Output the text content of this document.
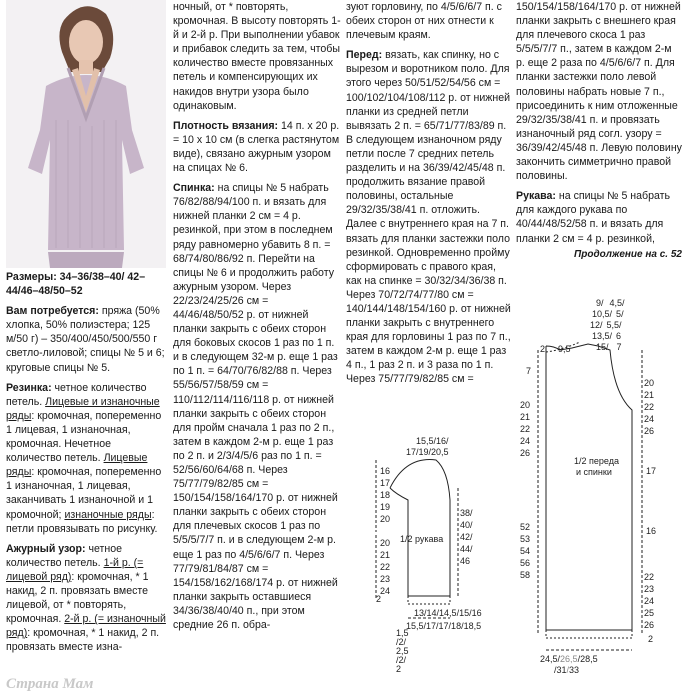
Размеры: 34–36/38–40/ 42–44/46–48/50–52

Вам потребуется: пряжа (50% хлопка, 50% полиэстера; 125 м/50 г) – 350/400/450/500/550 г светло-лиловой; спицы № 5 и 6; круговые спицы № 5.

Резинка: четное количество петель. Лицевые и изнаночные ряды: кромочная, попеременно 1 лицевая, 1 изнаночная, кромочная. Нечетное количество петель. Лицевые ряды: кромочная, попеременно 1 изнаночная, 1 лицевая, заканчивать 1 изнаночной и 1 кромочной; изнаночные ряды: петли провязывать по рисунку.

Ажурный узор: четное количество петель. 1-й р. (= лицевой ряд): кромочная, * 1 накид, 2 п. провязать вместе лицевой, от * повторять, кромочная. 2-й р. (= изнаночный ряд): кромочная, * 1 накид, 2 п. провязать вместе изна-

ночный, от * повторять, кромочная. В высоту повторять 1-й и 2-й р. При выполнении убавок и прибавок следить за тем, чтобы количество вместе провязанных петель и компенсирующих их накидов внутри узора было одинаковым.

Плотность вязания: 14 п. x 20 р. = 10 x 10 см (в слегка растянутом виде), связано ажурным узором на спицах № 6.

Спинка: на спицы № 5 набрать 76/82/88/94/100 п. и вязать для нижней планки 2 см = 4 р. резинкой, при этом в последнем ряду равномерно убавить 8 п. = 68/74/80/86/92 п. Перейти на спицы № 6 и продолжить работу ажурным узором. Через 22/23/24/25/26 см = 44/46/48/50/52 р. от нижней планки закрыть с обеих сторон для боковых скосов 1 раз по 1 п. и в следующем 32-м р. еще 1 раз по 1 п. = 64/70/76/82/88 п. Через 55/56/57/58/59 см = 110/112/114/116/118 р. от нижней планки закрыть с обеих сторон для пройм сначала 1 раз по 2 п., затем в каждом 2-м р. еще 1 раз по 2 п. и 2/3/4/5/6 раз по 1 п. = 52/56/60/64/68 п. Через 75/77/79/82/85 см = 150/154/158/164/170 р. от нижней планки закрыть с обеих сторон для плечевых скосов 1 раз по 5/5/5/7/7 п. и в следующем 2-м р. еще 1 раз по 4/5/6/6/7 п. Через 77/79/81/84/87 см = 154/158/162/168/174 р. от нижней планки закрыть оставшиеся 34/36/38/40/40 п., при этом средние 26 п. обра-

зуют горловину, по 4/5/6/6/7 п. с обеих сторон от них отнести к плечевым краям.

Перед: вязать, как спинку, но с вырезом и воротником поло. Для этого через 50/51/52/54/56 см = 100/102/104/108/112 р. от нижней планки из средней петли вывязать 2 п. = 65/71/77/83/89 п. В следующем изнаночном ряду петли после 7 средних петель разделить и на 36/39/42/45/48 п. продолжить вязание правой половины, остальные 29/32/35/38/41 п. отложить. Далее с внутреннего края на 7 п. вязать для планки застежки поло резинкой. Одновременно пройму сформировать с правого края, как на спинке = 30/32/34/36/38 п. Через 70/72/74/77/80 см = 140/144/148/154/160 р. от нижней планки закрыть с внутреннего края для горловины 1 раз по 7 п., затем в каждом 2-м р. еще 1 раз 4 п., 1 раз 2 п. и 3 раза по 1 п. Через 75/77/79/82/85 см =

150/154/158/164/170 р. от нижней планки закрыть с внешнего края для плечевого скоса 1 раз 5/5/5/7/7 п., затем в каждом 2-м р. еще 2 раза по 4/5/6/6/7 п. Для планки застежки поло левой половины набрать новые 7 п., присоединить к ним отложенные 29/32/35/38/41 п. и провязать изнаночный ряд согл. узору = 36/39/42/45/48 п. Левую половину закончить симметрично правой половины.

Рукава: на спицы № 5 набрать для каждого рукава по 40/44/48/52/58 п. и вязать для планки 2 см = 4 р. резинкой,

Продолжение на с. 52
15,5/16/
17/19/20,5
16
17
18
19
20
20
21
22
23
24
1/2 рукава
38/
40/
42/
44/
46
2
13/14/14,5/15/16
15,5/17/17/18/18,5
1,5
/2/
2,5
/2/
2
9/ 4,5/
10,5/ 5/
12/ 5,5/
13,5/ 6
15/ 7
2 9,5
7
20
21
22
24
26
20
21
22
24
26
1/2 переда
и спинки	17
16
52
53
54
56
58	22
23
24
25
26
2
24,5/26,5/28,5
/31/33
Страна Мам
